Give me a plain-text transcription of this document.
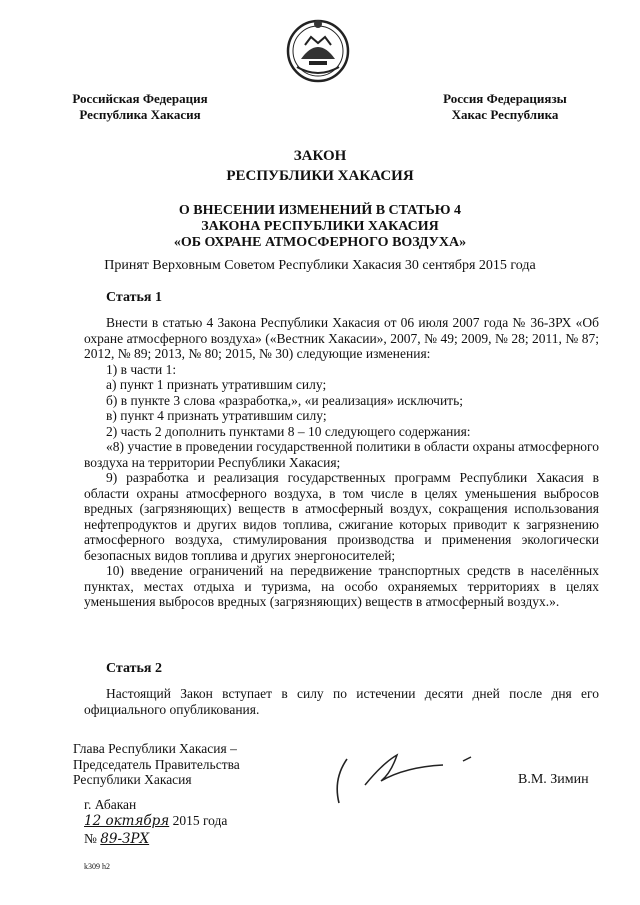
Российская Федерация
Республика Хакасия
Россия Федерациязы
Хакас Республика
ЗАКОН
РЕСПУБЛИКИ ХАКАСИЯ
О ВНЕСЕНИИ ИЗМЕНЕНИЙ В СТАТЬЮ 4
ЗАКОНА РЕСПУБЛИКИ ХАКАСИЯ
«ОБ ОХРАНЕ АТМОСФЕРНОГО ВОЗДУХА»
Принят Верховным Советом Республики Хакасия 30 сентября 2015 года
Статья 1

Внести в статью 4 Закона Республики Хакасия от 06 июля 2007 года № 36-ЗРХ «Об охране атмосферного воздуха» («Вестник Хакасии», 2007, № 49; 2009, № 28; 2011, № 87; 2012, № 89; 2013, № 80; 2015, № 30) следующие изменения:

1) в части 1:

а) пункт 1 признать утратившим силу;

б) в пункте 3 слова «разработка,», «и реализация» исключить;

в) пункт 4 признать утратившим силу;

2) часть 2 дополнить пунктами 8 – 10 следующего содержания:

«8) участие в проведении государственной политики в области охраны атмосферного воздуха на территории Республики Хакасия;

9) разработка и реализация государственных программ Республики Хакасия в области охраны атмосферного воздуха, в том числе в целях уменьшения выбросов вредных (загрязняющих) веществ в атмосферный воздух, сокращения использования нефтепродуктов и других видов топлива, сжигание которых приводит к загрязнению атмосферного воздуха, стимулирования производства и применения экологически безопасных видов топлива и других энергоносителей;

10) введение ограничений на передвижение транспортных средств в населённых пунктах, местах отдыха и туризма, на особо охраняемых территориях в целях уменьшения выбросов вредных (загрязняющих) веществ в атмосферный воздух.».

Статья 2

Настоящий Закон вступает в силу по истечении десяти дней после дня его официального опубликования.

Глава Республики Хакасия –
Председатель Правительства
Республики Хакасия	В.М. Зимин
г. Абакан
12 октября 2015 года
№ 89-ЗРХ
k309 h2
